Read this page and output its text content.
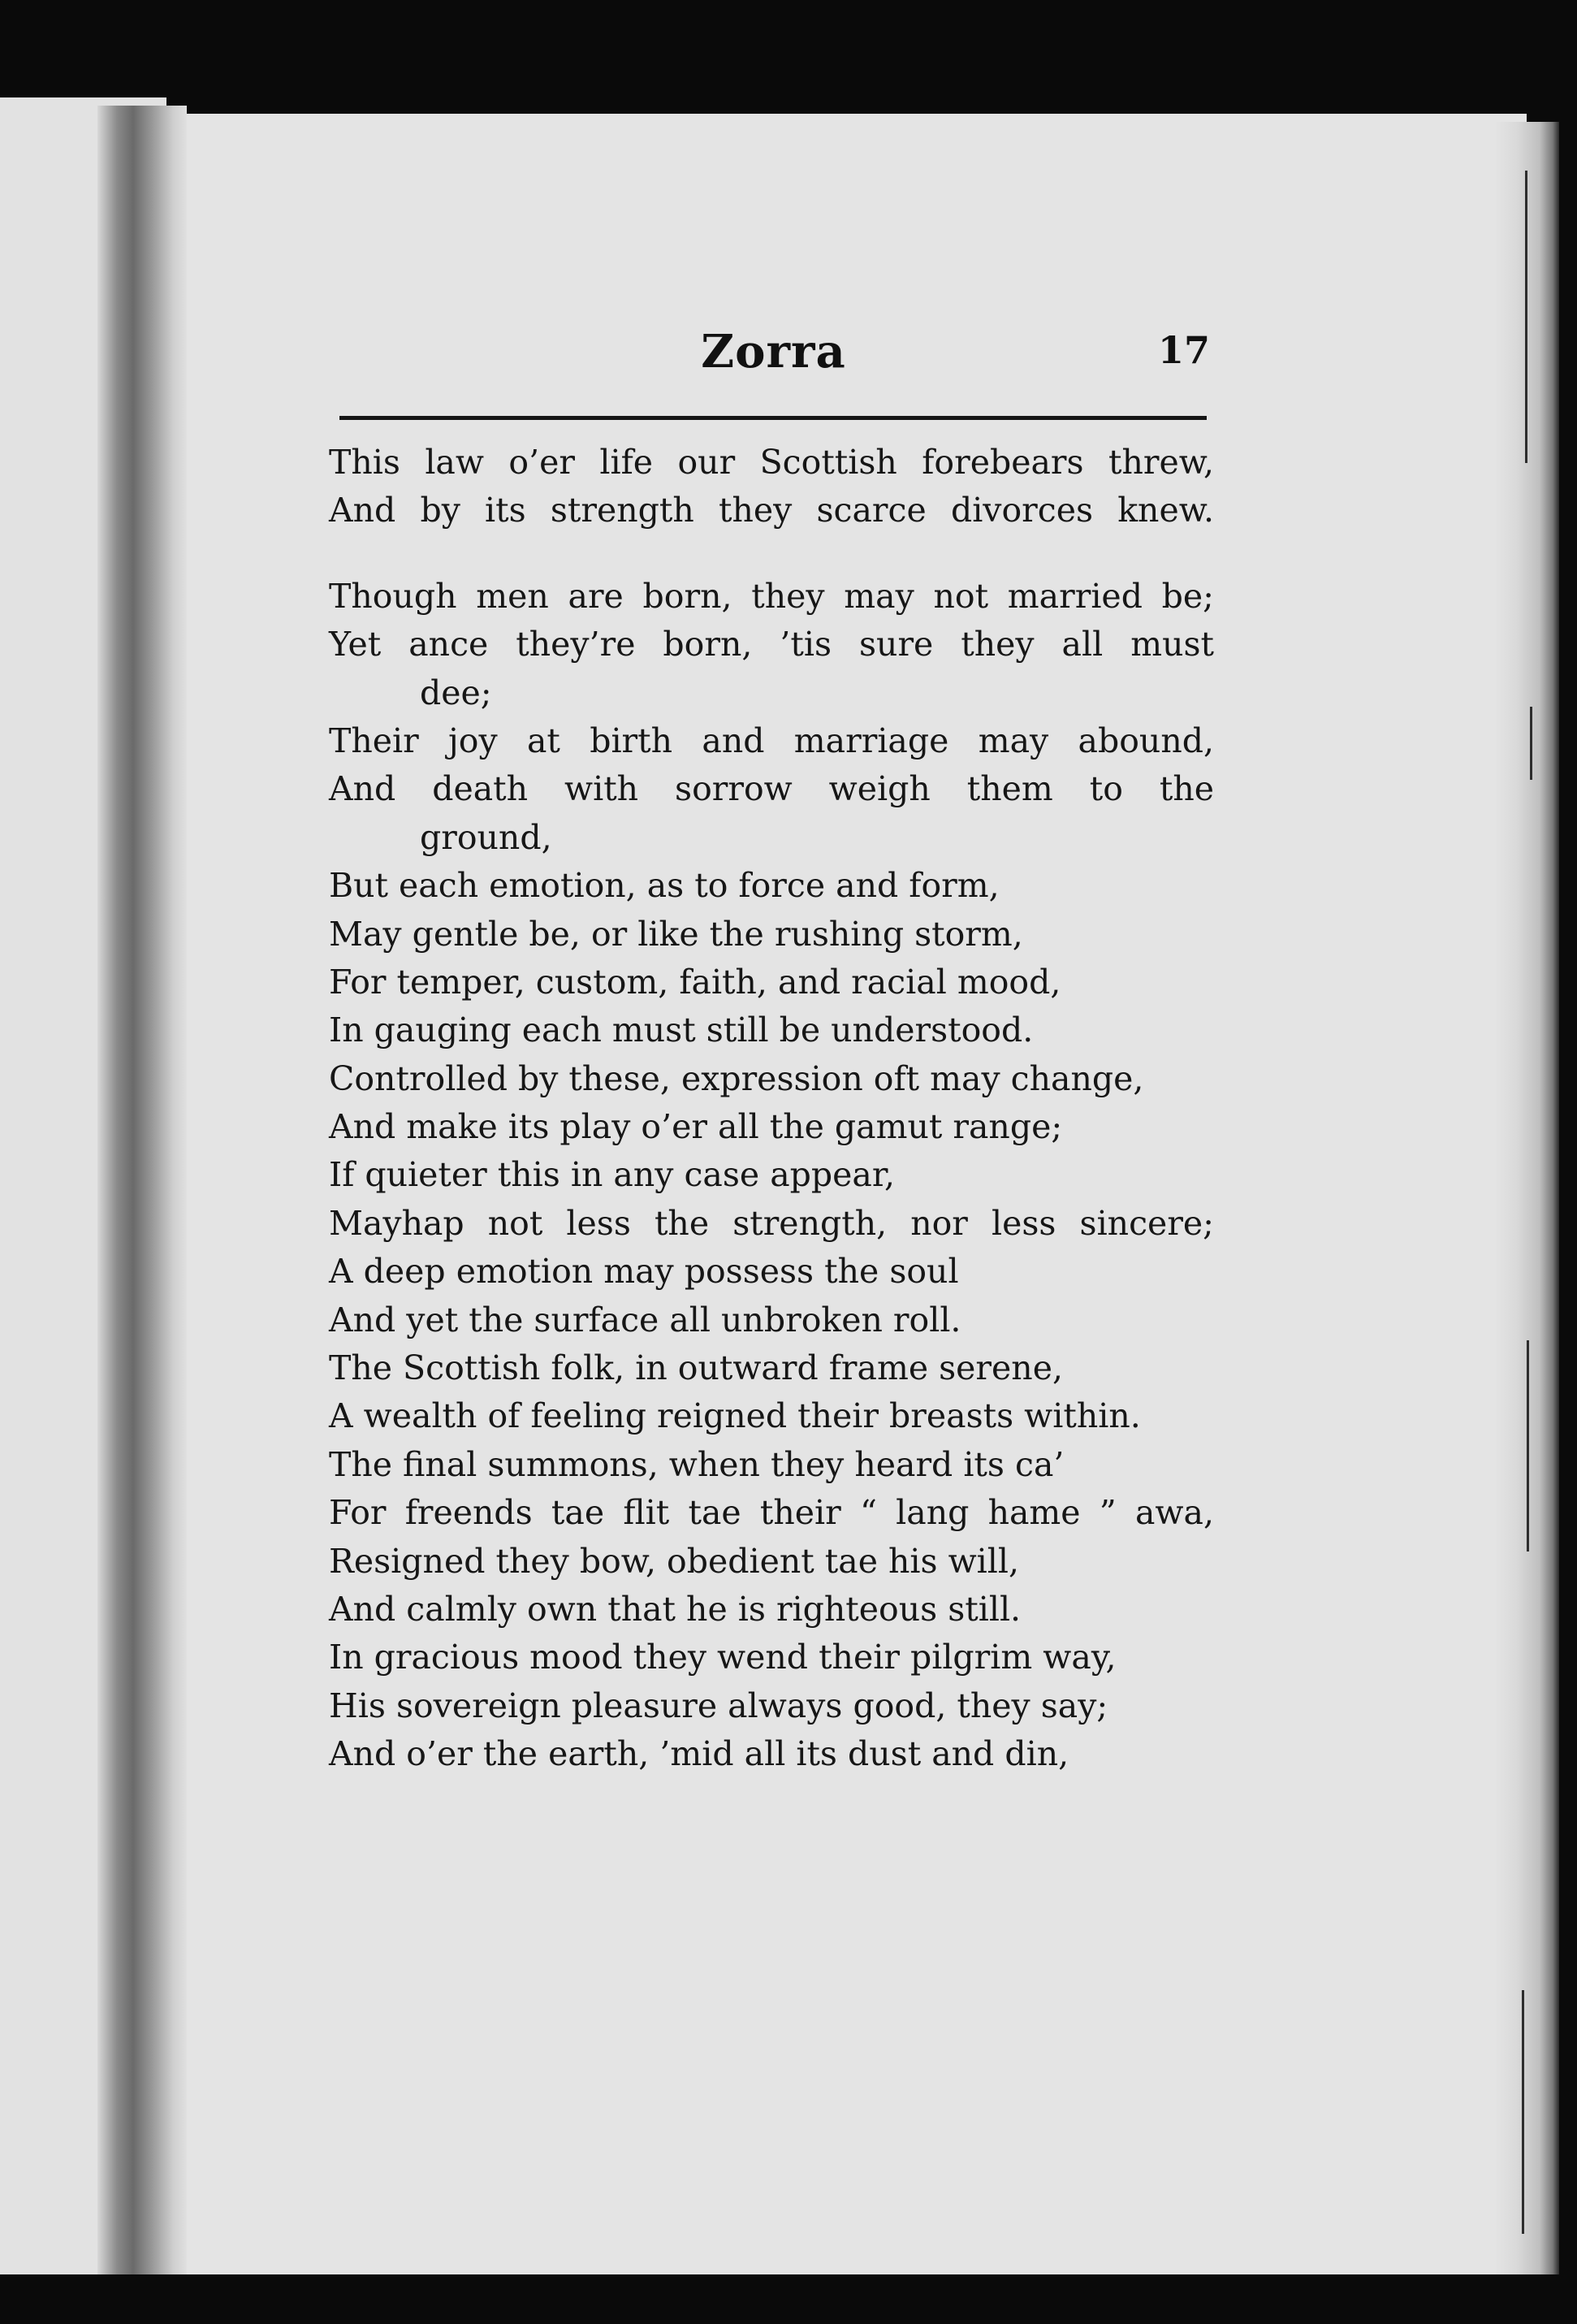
Zorra	17
This law o’er life our Scottish forebears threw,
And by its strength they scarce divorces knew.
Though men are born, they may not married be;
Yet ance they’re born, ’tis sure they all must
dee;
Their joy at birth and marriage may abound,
And death with sorrow weigh them to the
ground,
But each emotion, as to force and form,
May gentle be, or like the rushing storm,
For temper, custom, faith, and racial mood,
In gauging each must still be understood.
Controlled by these, expression oft may change,
And make its play o’er all the gamut range;
If quieter this in any case appear,
Mayhap not less the strength, nor less sincere;
A deep emotion may possess the soul
And yet the surface all unbroken roll.
The Scottish folk, in outward frame serene,
A wealth of feeling reigned their breasts within.
The final summons, when they heard its ca’
For freends tae flit tae their “ lang hame ” awa,
Resigned they bow, obedient tae his will,
And calmly own that he is righteous still.
In gracious mood they wend their pilgrim way,
His sovereign pleasure always good, they say;
And o’er the earth, ’mid all its dust and din,
